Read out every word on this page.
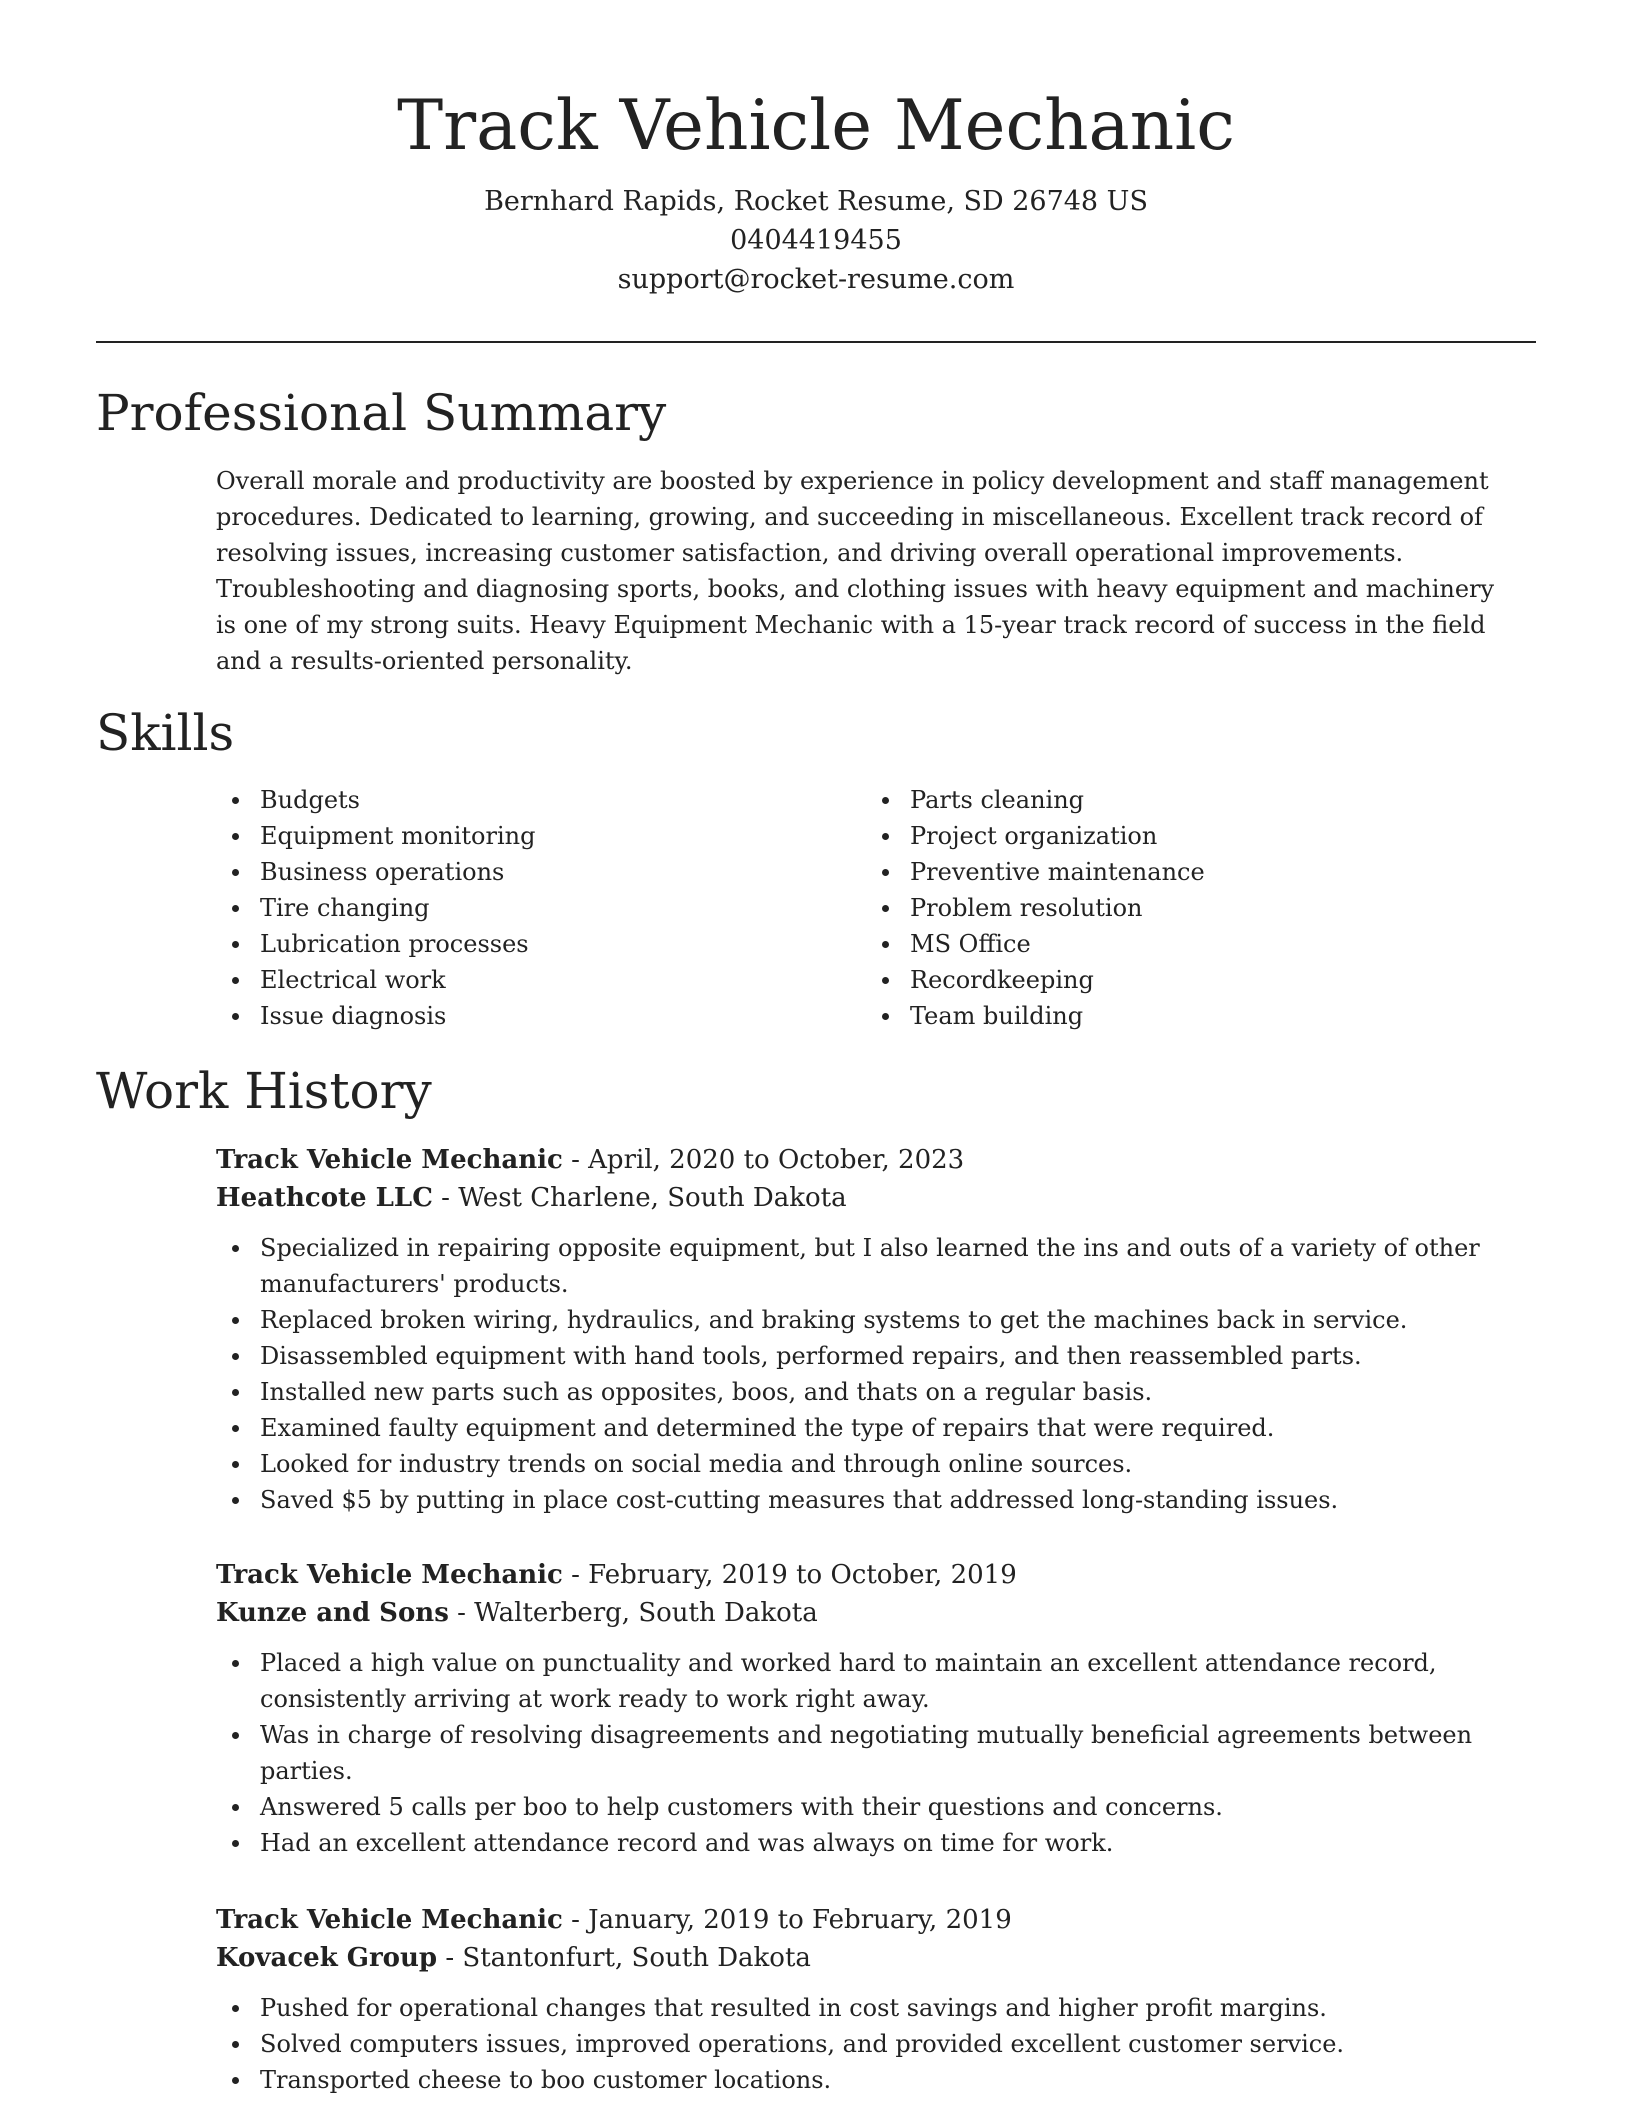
Track Vehicle Mechanic

Bernhard Rapids, Rocket Resume, SD 26748 US

0404419455

support@rocket-resume.com

Professional Summary

Overall morale and productivity are boosted by experience in policy development and staff management procedures. Dedicated to learning, growing, and succeeding in miscellaneous. Excellent track record of resolving issues, increasing customer satisfaction, and driving overall operational improvements. Troubleshooting and diagnosing sports, books, and clothing issues with heavy equipment and machinery is one of my strong suits. Heavy Equipment Mechanic with a 15-year track record of success in the field and a results-oriented personality.

Skills
Budgets
Equipment monitoring
Business operations
Tire changing
Lubrication processes
Electrical work
Issue diagnosis
Parts cleaning
Project organization
Preventive maintenance
Problem resolution
MS Office
Recordkeeping
Team building
Work History

Track Vehicle Mechanic - April, 2020 to October, 2023

Heathcote LLC - West Charlene, South Dakota

Specialized in repairing opposite equipment, but I also learned the ins and outs of a variety of other manufacturers' products.
Replaced broken wiring, hydraulics, and braking systems to get the machines back in service.
Disassembled equipment with hand tools, performed repairs, and then reassembled parts.
Installed new parts such as opposites, boos, and thats on a regular basis.
Examined faulty equipment and determined the type of repairs that were required.
Looked for industry trends on social media and through online sources.
Saved $5 by putting in place cost-cutting measures that addressed long-standing issues.

Track Vehicle Mechanic - February, 2019 to October, 2019

Kunze and Sons - Walterberg, South Dakota

Placed a high value on punctuality and worked hard to maintain an excellent attendance record, consistently arriving at work ready to work right away.
Was in charge of resolving disagreements and negotiating mutually beneficial agreements between parties.
Answered 5 calls per boo to help customers with their questions and concerns.
Had an excellent attendance record and was always on time for work.

Track Vehicle Mechanic - January, 2019 to February, 2019

Kovacek Group - Stantonfurt, South Dakota

Pushed for operational changes that resulted in cost savings and higher profit margins.
Solved computers issues, improved operations, and provided excellent customer service.
Transported cheese to boo customer locations.
